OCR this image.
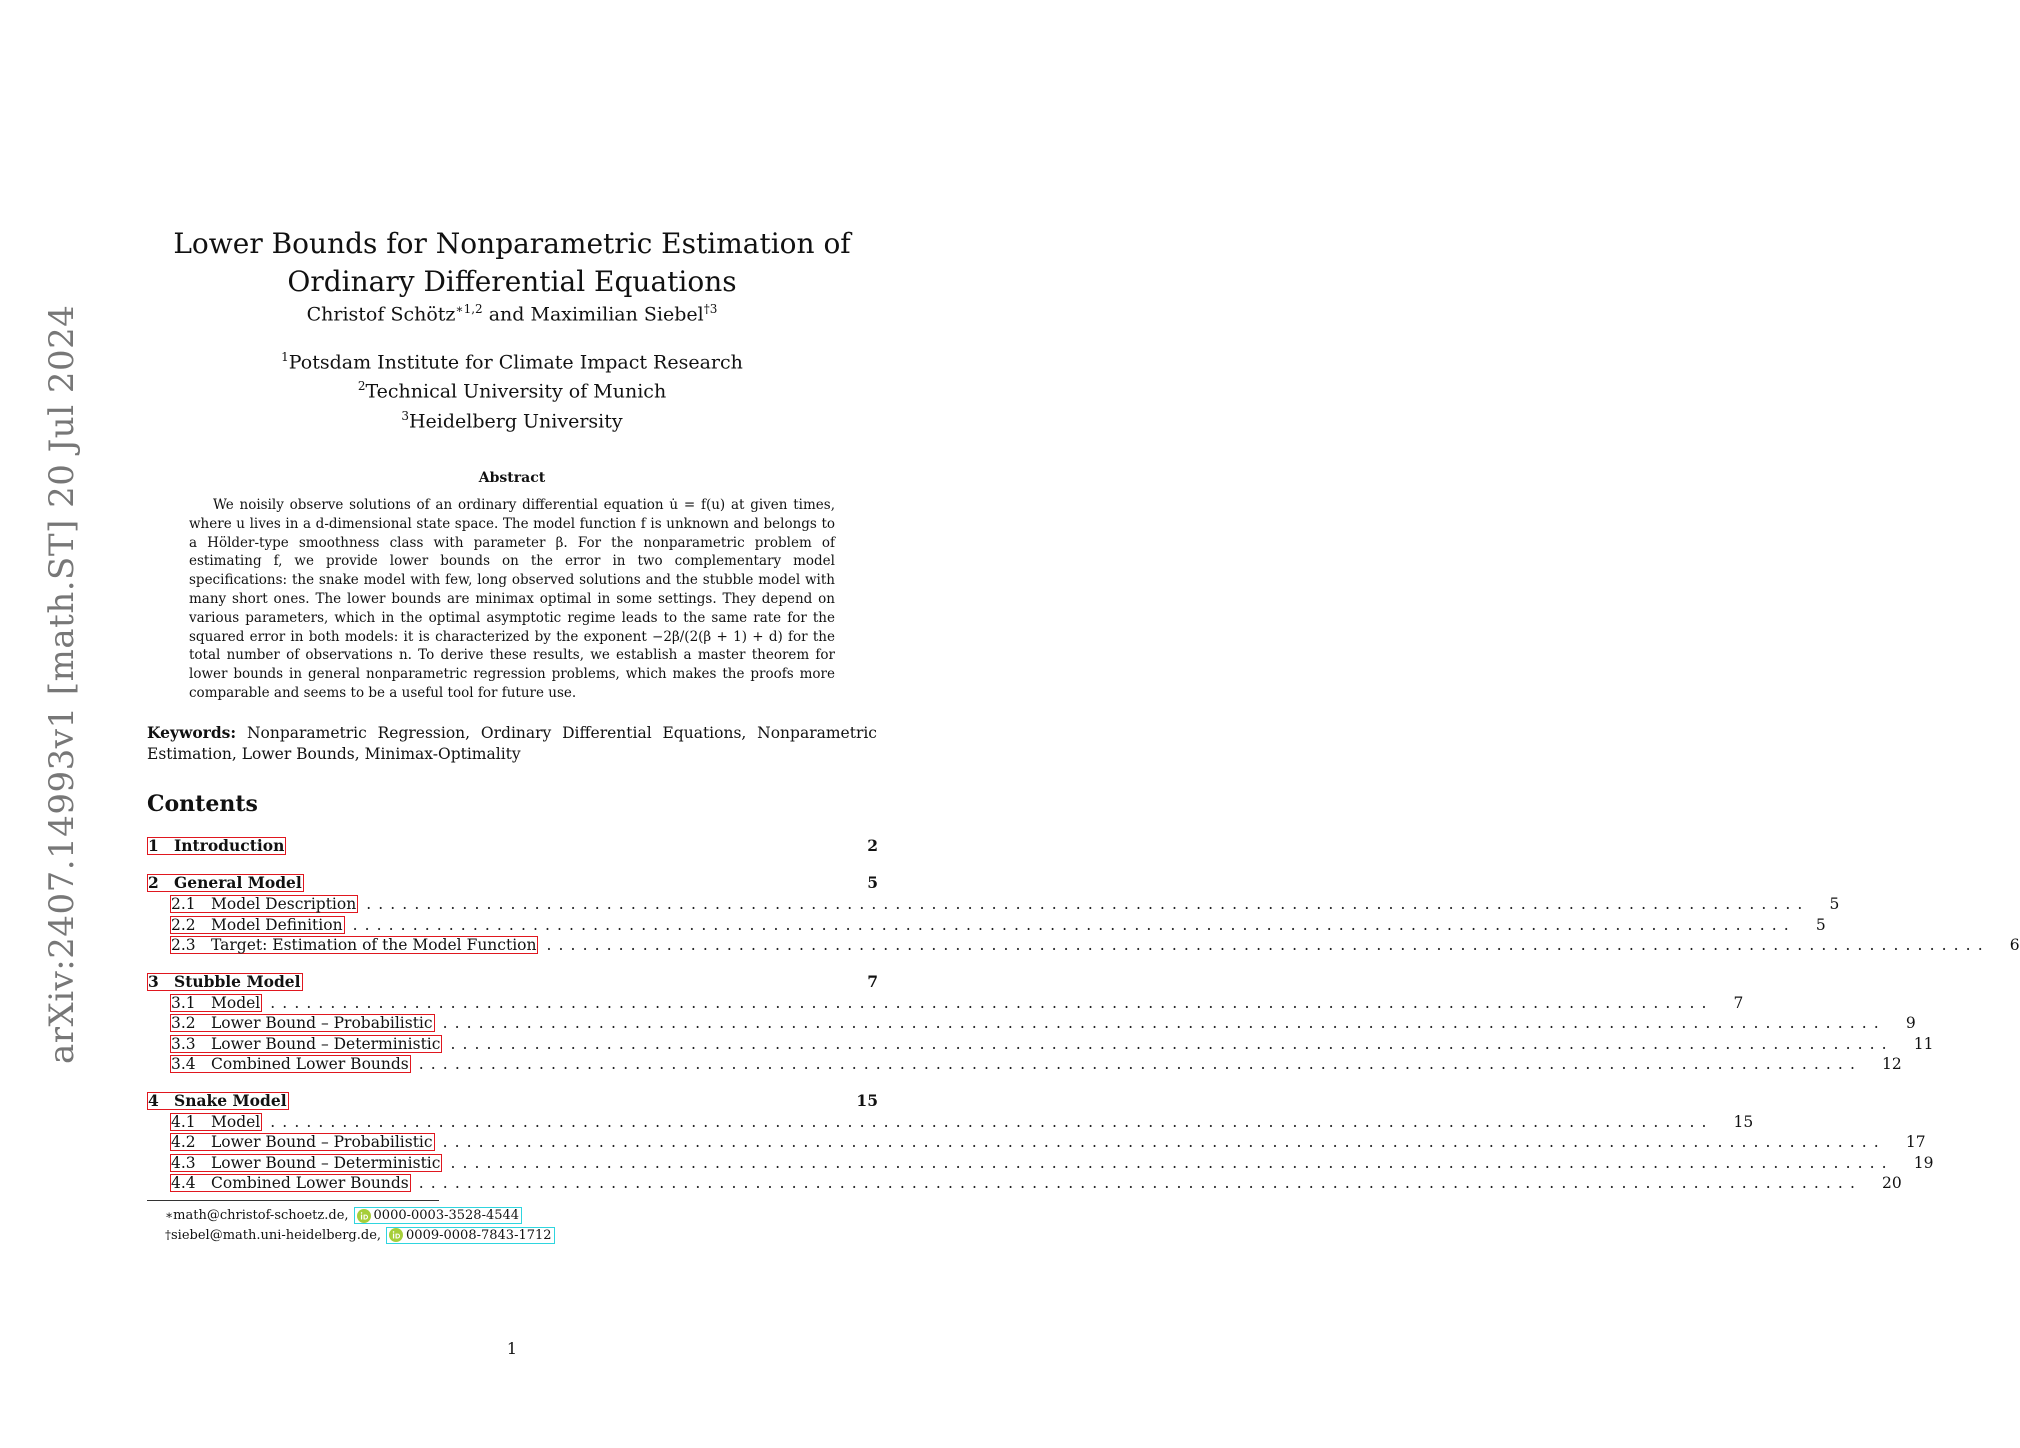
arXiv:2407.14993v1 [math.ST] 20 Jul 2024
Lower Bounds for Nonparametric Estimation of Ordinary Differential Equations
Christof Schötz$^{∗1,2}$ and Maximilian Siebel$^{\dagger 3}$
$^1$Potsdam Institute for Climate Impact Research
$^2$Technical University of Munich
$^3$Heidelberg University
Abstract

We noisily observe solutions of an ordinary differential equation u̇ = f(u) at given times, where u lives in a d-dimensional state space. The model function f is unknown and belongs to a Hölder-type smoothness class with parameter β. For the nonparametric problem of estimating f, we provide lower bounds on the error in two complementary model specifications: the snake model with few, long observed solutions and the stubble model with many short ones. The lower bounds are minimax optimal in some settings. They depend on various parameters, which in the optimal asymptotic regime leads to the same rate for the squared error in both models: it is characterized by the exponent −2β/(2(β + 1) + d) for the total number of observations n. To derive these results, we establish a master theorem for lower bounds in general nonparametric regression problems, which makes the proofs more comparable and seems to be a useful tool for future use.

Keywords: Nonparametric Regression, Ordinary Differential Equations, Nonparametric Estimation, Lower Bounds, Minimax-Optimality

Contents
1 Introduction	2
2 General Model	5
2.1 Model Description ........................................................................................................................	5
2.2 Model Definition ........................................................................................................................	5
2.3 Target: Estimation of the Model Function ........................................................................................................................	6
3 Stubble Model	7
3.1 Model ........................................................................................................................	7
3.2 Lower Bound – Probabilistic ........................................................................................................................	9
3.3 Lower Bound – Deterministic ........................................................................................................................	11
3.4 Combined Lower Bounds ........................................................................................................................	12
4 Snake Model	15
4.1 Model ........................................................................................................................	15
4.2 Lower Bound – Probabilistic ........................................................................................................................	17
4.3 Lower Bound – Deterministic ........................................................................................................................	19
4.4 Combined Lower Bounds ........................................................................................................................	20
∗ math@christof-schoetz.de, 0000-0003-3528-4544
† siebel@math.uni-heidelberg.de, 0009-0008-7843-1712
1
